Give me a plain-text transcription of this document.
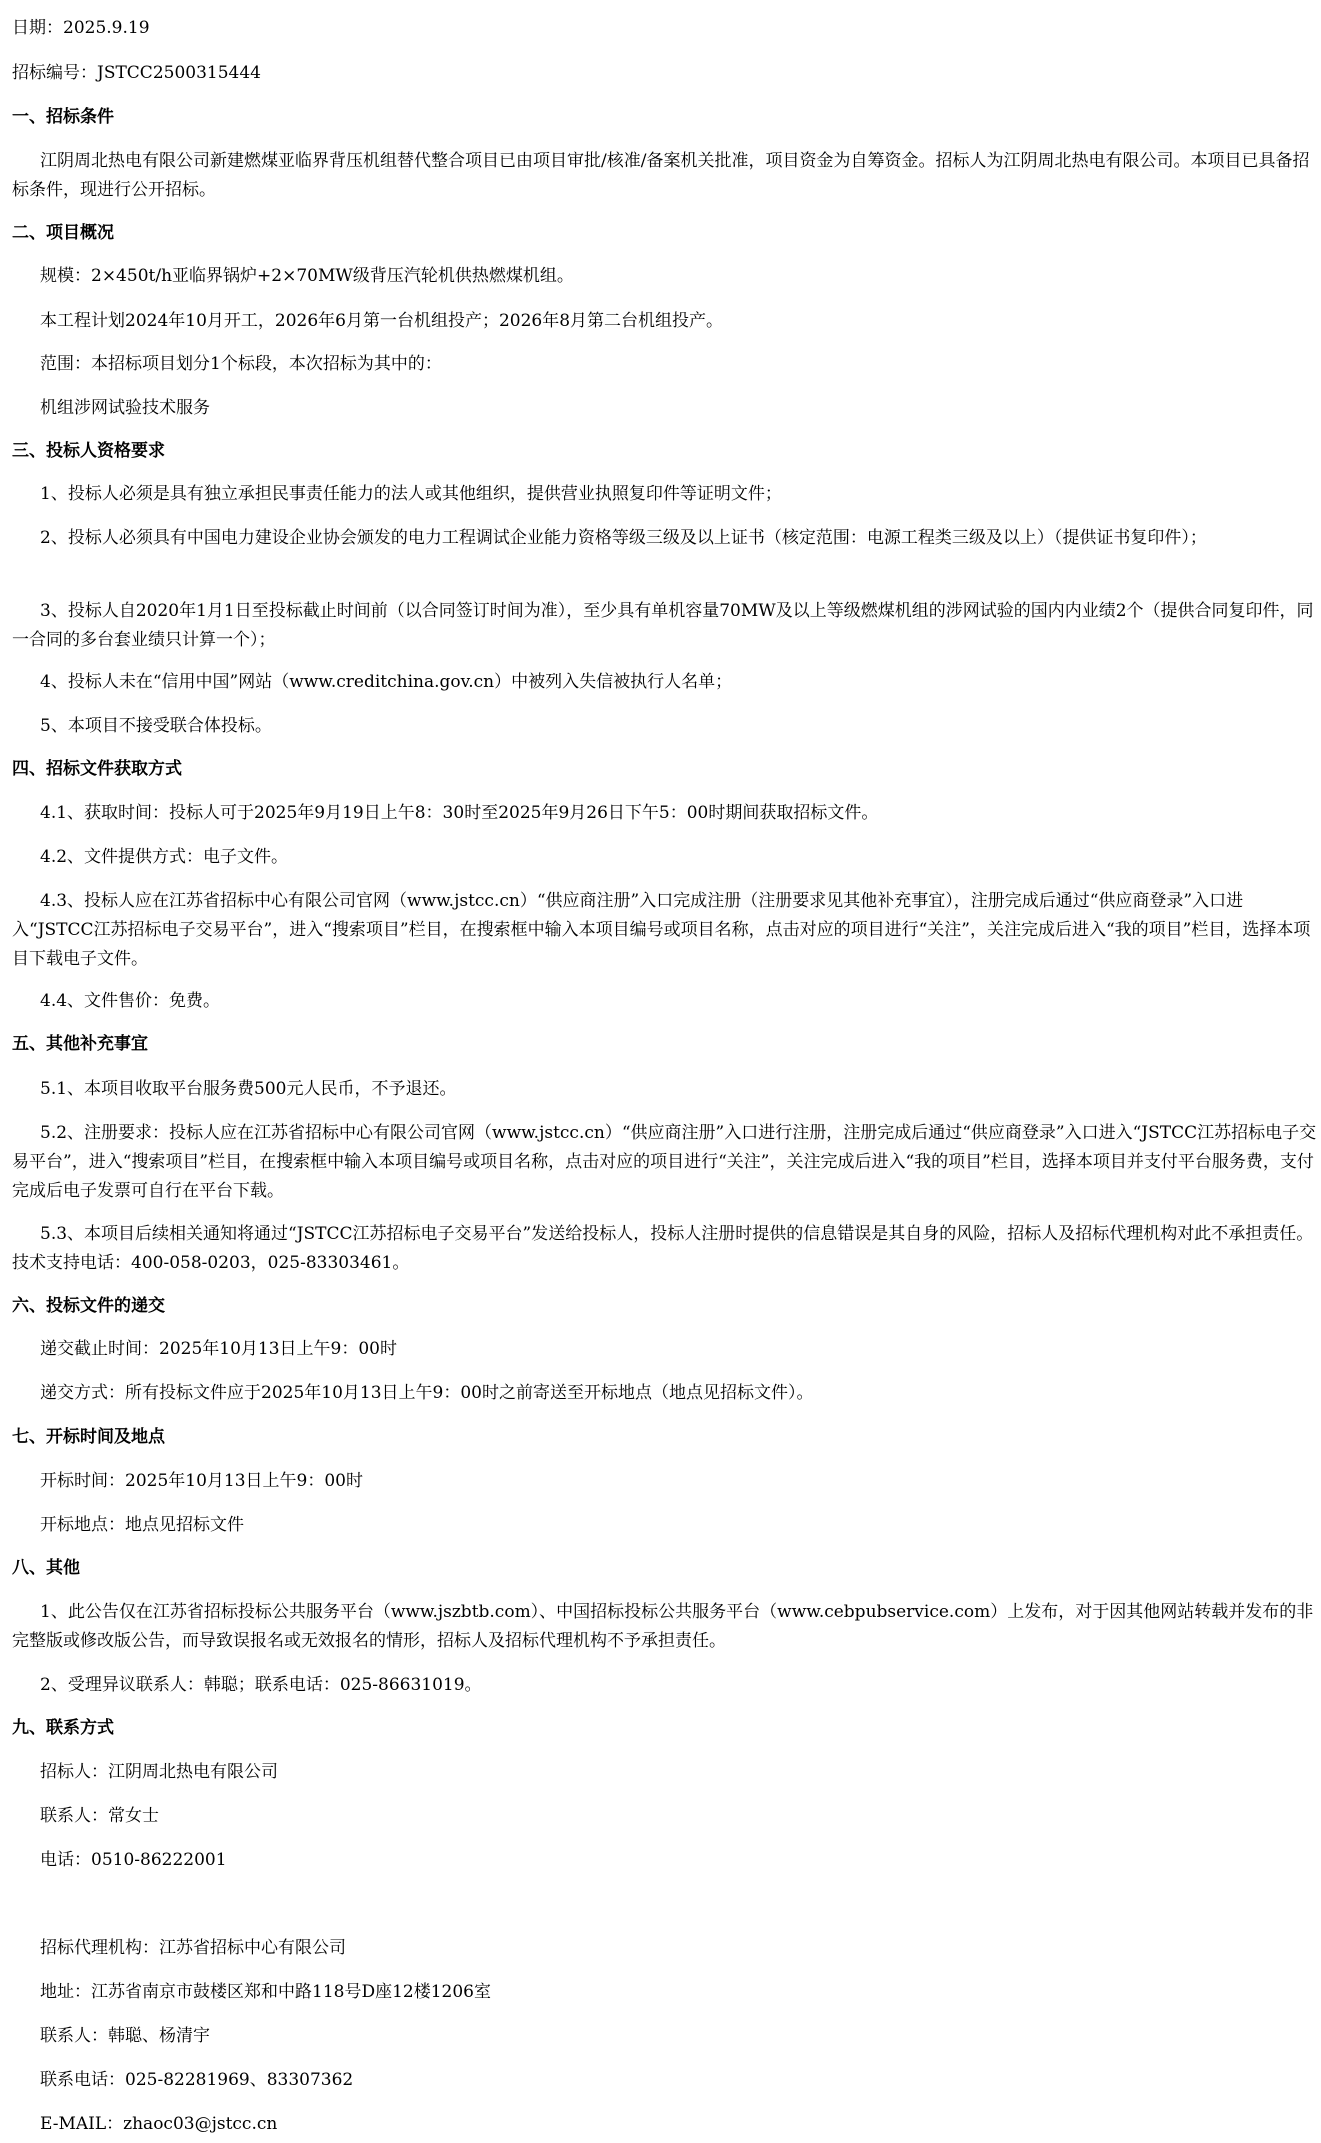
日期：2025.9.19

招标编号：JSTCC2500315444

一、招标条件

江阴周北热电有限公司新建燃煤亚临界背压机组替代整合项目已由项目审批/核准/备案机关批准，项目资金为自筹资金。招标人为江阴周北热电有限公司。本项目已具备招标条件，现进行公开招标。

二、项目概况

规模：2×450t/h亚临界锅炉+2×70MW级背压汽轮机供热燃煤机组。

本工程计划2024年10月开工，2026年6月第一台机组投产；2026年8月第二台机组投产。

范围：本招标项目划分1个标段，本次招标为其中的：

机组涉网试验技术服务

三、投标人资格要求

1、投标人必须是具有独立承担民事责任能力的法人或其他组织，提供营业执照复印件等证明文件；

2、投标人必须具有中国电力建设企业协会颁发的电力工程调试企业能力资格等级三级及以上证书（核定范围：电源工程类三级及以上）（提供证书复印件）；

3、投标人自2020年1月1日至投标截止时间前（以合同签订时间为准），至少具有单机容量70MW及以上等级燃煤机组的涉网试验的国内内业绩2个（提供合同复印件，同一合同的多台套业绩只计算一个）；

4、投标人未在“信用中国”网站（www.creditchina.gov.cn）中被列入失信被执行人名单；

5、本项目不接受联合体投标。

四、招标文件获取方式

4.1、获取时间：投标人可于2025年9月19日上午8：30时至2025年9月26日下午5：00时期间获取招标文件。

4.2、文件提供方式：电子文件。

4.3、投标人应在江苏省招标中心有限公司官网（www.jstcc.cn）“供应商注册”入口完成注册（注册要求见其他补充事宜），注册完成后通过“供应商登录”入口进入“JSTCC江苏招标电子交易平台”，进入“搜索项目”栏目，在搜索框中输入本项目编号或项目名称，点击对应的项目进行“关注”，关注完成后进入“我的项目”栏目，选择本项目下载电子文件。

4.4、文件售价：免费。

五、其他补充事宜

5.1、本项目收取平台服务费500元人民币，不予退还。

5.2、注册要求：投标人应在江苏省招标中心有限公司官网（www.jstcc.cn）“供应商注册”入口进行注册，注册完成后通过“供应商登录”入口进入“JSTCC江苏招标电子交易平台”，进入“搜索项目”栏目，在搜索框中输入本项目编号或项目名称，点击对应的项目进行“关注”，关注完成后进入“我的项目”栏目，选择本项目并支付平台服务费，支付完成后电子发票可自行在平台下载。

5.3、本项目后续相关通知将通过“JSTCC江苏招标电子交易平台”发送给投标人，投标人注册时提供的信息错误是其自身的风险，招标人及招标代理机构对此不承担责任。技术支持电话：400-058-0203，025-83303461。

六、投标文件的递交

递交截止时间：2025年10月13日上午9：00时

递交方式：所有投标文件应于2025年10月13日上午9：00时之前寄送至开标地点（地点见招标文件）。

七、开标时间及地点

开标时间：2025年10月13日上午9：00时

开标地点：地点见招标文件

八、其他

1、此公告仅在江苏省招标投标公共服务平台（www.jszbtb.com）、中国招标投标公共服务平台（www.cebpubservice.com）上发布，对于因其他网站转载并发布的非完整版或修改版公告，而导致误报名或无效报名的情形，招标人及招标代理机构不予承担责任。

2、受理异议联系人：韩聪；联系电话：025-86631019。

九、联系方式

招标人：江阴周北热电有限公司

联系人：常女士

电话：0510-86222001

招标代理机构：江苏省招标中心有限公司

地址：江苏省南京市鼓楼区郑和中路118号D座12楼1206室

联系人：韩聪、杨清宇

联系电话：025-82281969、83307362

E-MAIL：zhaoc03@jstcc.cn
